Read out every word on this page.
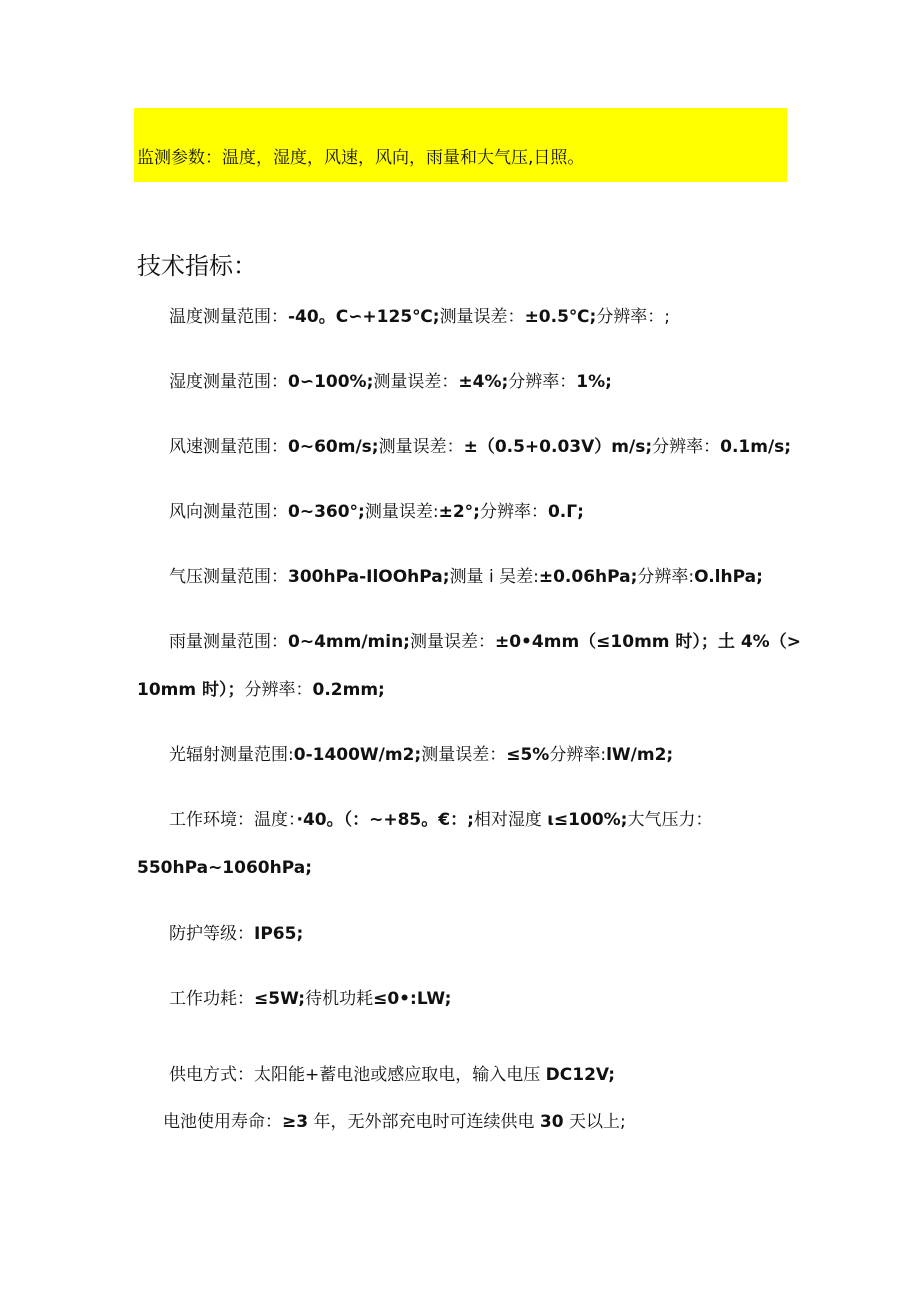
监测参数：温度，湿度，风速，风向，雨量和大气压,日照。
技术指标：
温度测量范围：-40。C∽+125℃;测量误差：±0.5℃;分辨率：;
湿度测量范围：0∽100%;测量误差：±4%;分辨率：1%;
风速测量范围：0~60m/s;测量误差：±（0.5+0.03V）m/s;分辨率：0.1m/s;
风向测量范围：0~360°;测量误差:±2°;分辨率：0.Γ;
气压测量范围：300hPa-IlOOhPa;测量 i 吴差:±0.06hPa;分辨率:O.lhPa;
雨量测量范围：0~4mm/min;测量误差：±0•4mm（≤10mm 时）；土 4%（>
10mm 时）；分辨率：0.2mm;
光辐射测量范围:0-1400W/m2;测量误差：≤5%分辨率:lW/m2;
工作环境：温度：·40。（：~+85。€：;相对湿度 ι≤100%;大气压力：
550hPa~1060hPa;
防护等级：IP65;
工作功耗：≤5W;待机功耗≤0•:LW;
供电方式：太阳能+蓄电池或感应取电，输入电压 DC12V;
电池使用寿命：≥3 年，无外部充电时可连续供电 30 天以上;
